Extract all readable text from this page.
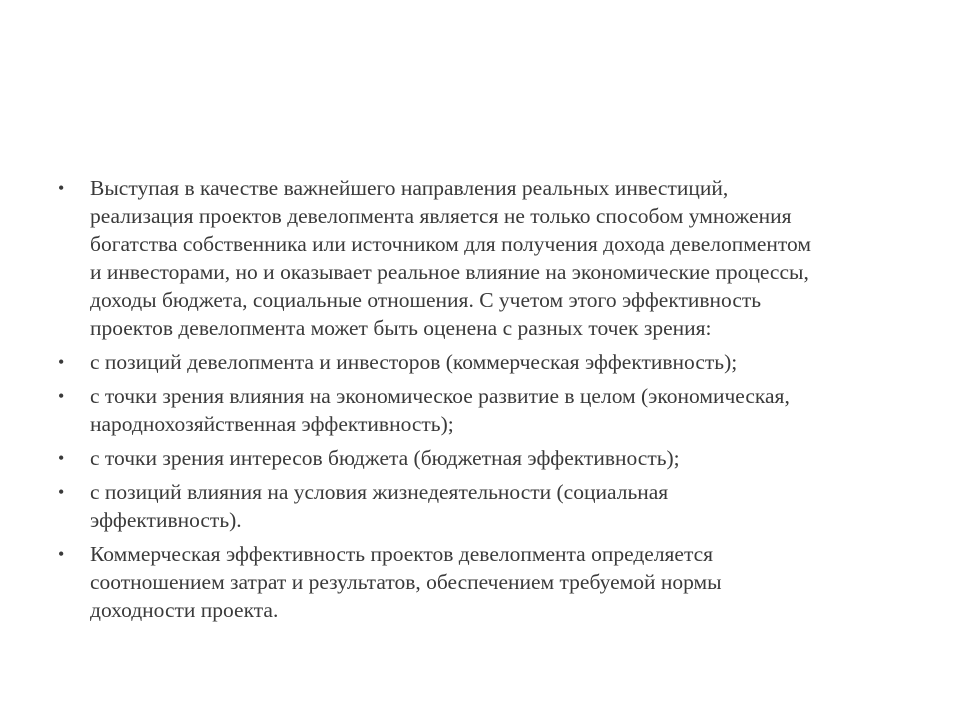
• Выступая в качестве важнейшего направления реальных инвестиций,
реализация проектов девелопмента является не только способом умножения
богатства собственника или источником для получения дохода девелопментом
и инвесторами, но и оказывает реальное влияние на экономические процессы,
доходы бюджета, социальные отношения. С учетом этого эффективность
проектов девелопмента может быть оценена с разных точек зрения:
• с позиций девелопмента и инвесторов (коммерческая эффективность);
• с точки зрения влияния на экономическое развитие в целом (экономическая,
народнохозяйственная эффективность);
• с точки зрения интересов бюджета (бюджетная эффективность);
• с позиций влияния на условия жизнедеятельности (социальная
эффективность).
• Коммерческая эффективность проектов девелопмента определяется
соотношением затрат и результатов, обеспечением требуемой нормы
доходности проекта.
